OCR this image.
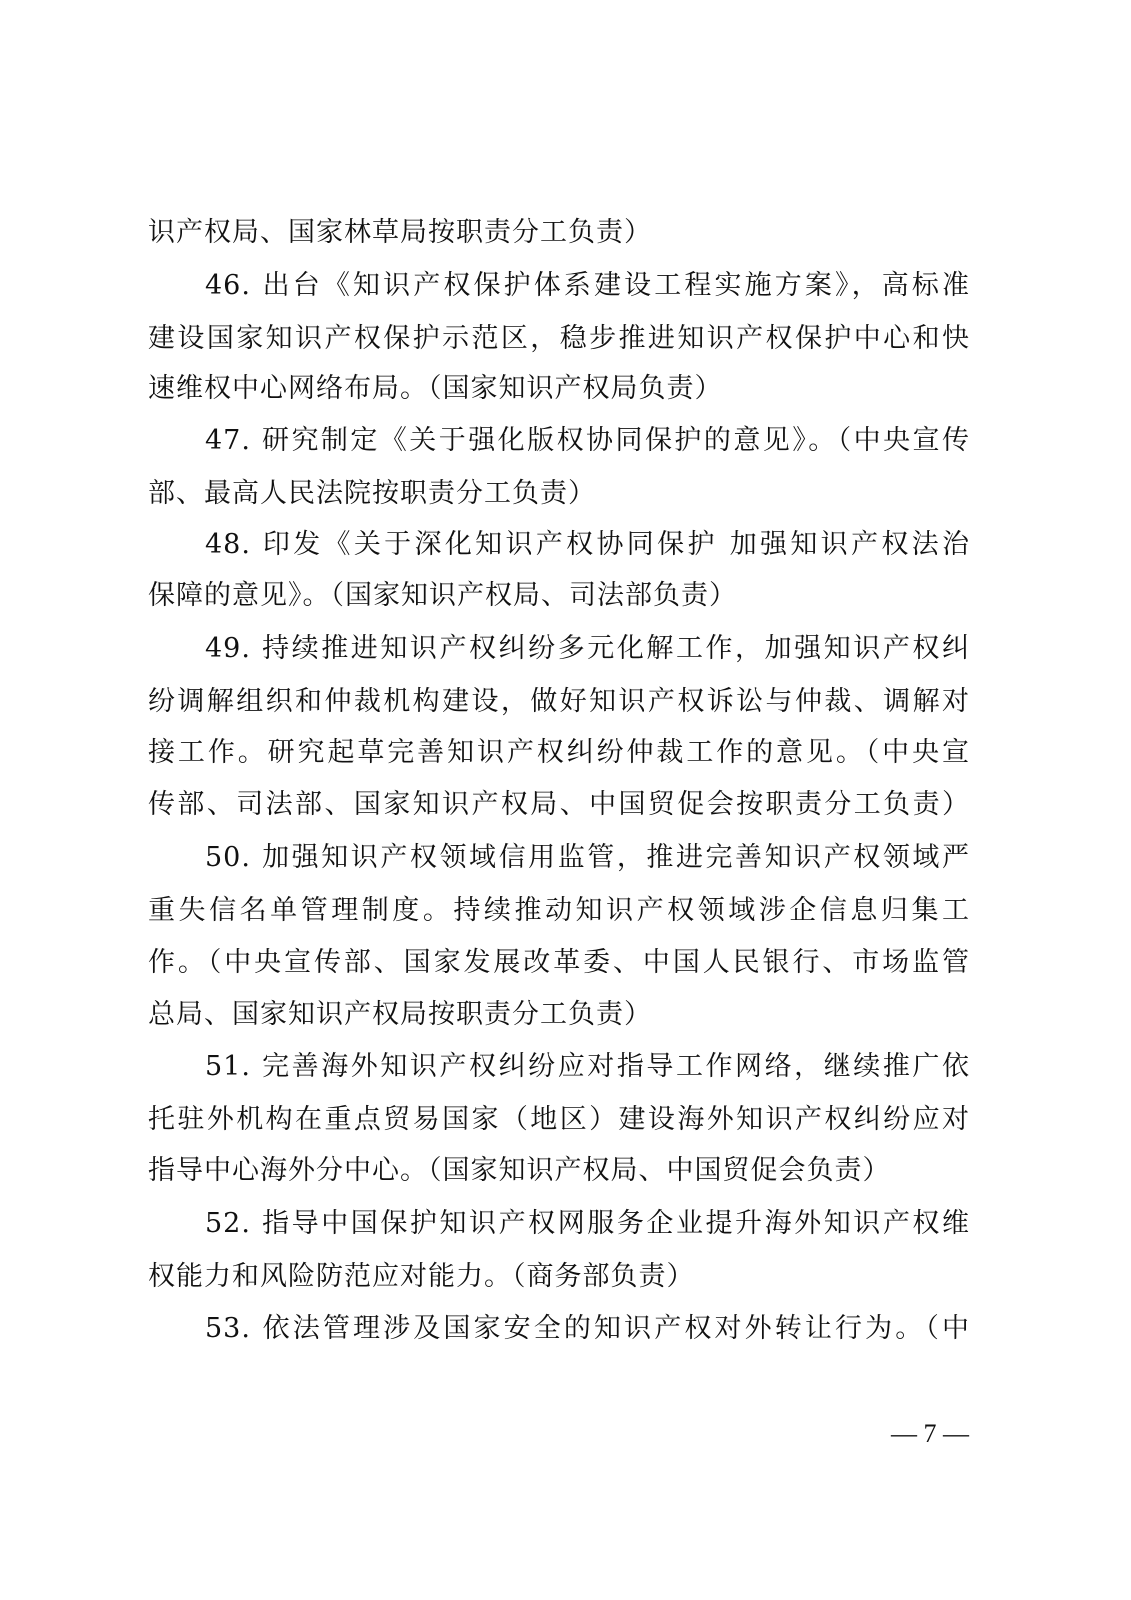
识产权局、国家林草局按职责分工负责）
46. 出台《知识产权保护体系建设工程实施方案》，高标准
建设国家知识产权保护示范区，稳步推进知识产权保护中心和快
速维权中心网络布局。（国家知识产权局负责）
47. 研究制定《关于强化版权协同保护的意见》。（中央宣传
部、最高人民法院按职责分工负责）
48. 印发《关于深化知识产权协同保护 加强知识产权法治
保障的意见》。（国家知识产权局、司法部负责）
49. 持续推进知识产权纠纷多元化解工作，加强知识产权纠
纷调解组织和仲裁机构建设，做好知识产权诉讼与仲裁、调解对
接工作。研究起草完善知识产权纠纷仲裁工作的意见。（中央宣
传部、司法部、国家知识产权局、中国贸促会按职责分工负责）
50. 加强知识产权领域信用监管，推进完善知识产权领域严
重失信名单管理制度。持续推动知识产权领域涉企信息归集工
作。（中央宣传部、国家发展改革委、中国人民银行、市场监管
总局、国家知识产权局按职责分工负责）
51. 完善海外知识产权纠纷应对指导工作网络，继续推广依
托驻外机构在重点贸易国家（地区）建设海外知识产权纠纷应对
指导中心海外分中心。（国家知识产权局、中国贸促会负责）
52. 指导中国保护知识产权网服务企业提升海外知识产权维
权能力和风险防范应对能力。（商务部负责）
53. 依法管理涉及国家安全的知识产权对外转让行为。（中
— 7 —
